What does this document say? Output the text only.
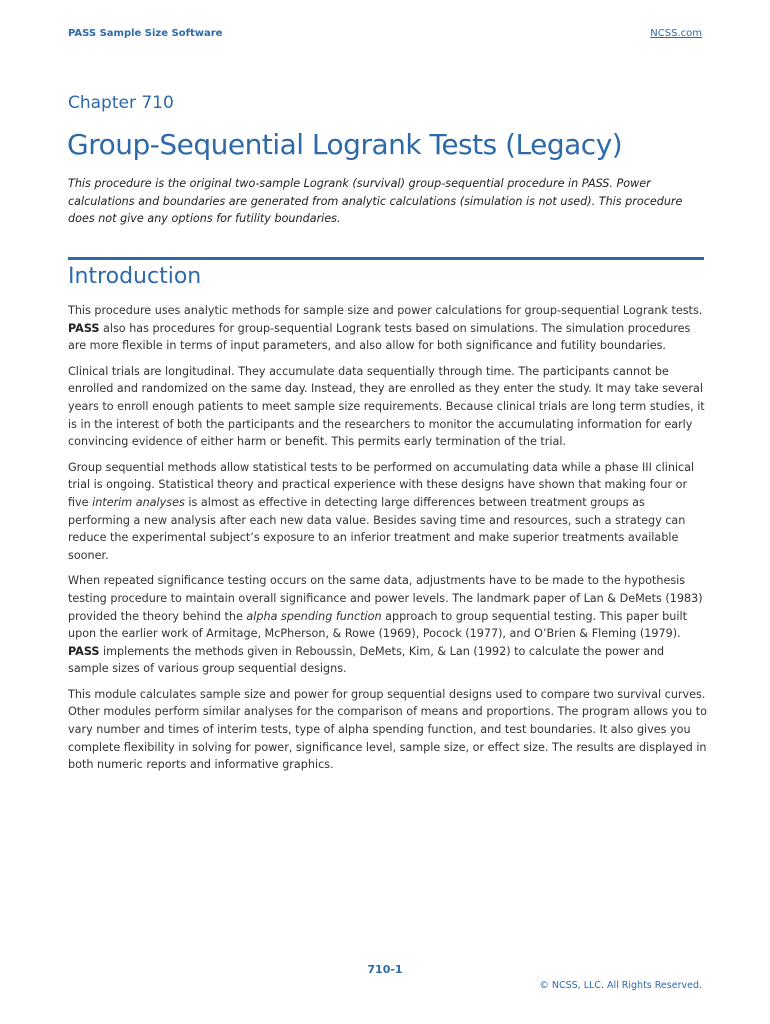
PASS Sample Size Software	NCSS.com
Chapter 710
Group-Sequential Logrank Tests (Legacy)

This procedure is the original two-sample Logrank (survival) group-sequential procedure in PASS. Power calculations and boundaries are generated from analytic calculations (simulation is not used). This procedure does not give any options for futility boundaries.

Introduction

This procedure uses analytic methods for sample size and power calculations for group-sequential Logrank tests. PASS also has procedures for group-sequential Logrank tests based on simulations. The simulation procedures are more flexible in terms of input parameters, and also allow for both significance and futility boundaries.

Clinical trials are longitudinal. They accumulate data sequentially through time. The participants cannot be enrolled and randomized on the same day. Instead, they are enrolled as they enter the study. It may take several years to enroll enough patients to meet sample size requirements. Because clinical trials are long term studies, it is in the interest of both the participants and the researchers to monitor the accumulating information for early convincing evidence of either harm or benefit. This permits early termination of the trial.

Group sequential methods allow statistical tests to be performed on accumulating data while a phase III clinical trial is ongoing. Statistical theory and practical experience with these designs have shown that making four or five interim analyses is almost as effective in detecting large differences between treatment groups as performing a new analysis after each new data value. Besides saving time and resources, such a strategy can reduce the experimental subject’s exposure to an inferior treatment and make superior treatments available sooner.

When repeated significance testing occurs on the same data, adjustments have to be made to the hypothesis testing procedure to maintain overall significance and power levels. The landmark paper of Lan & DeMets (1983) provided the theory behind the alpha spending function approach to group sequential testing. This paper built upon the earlier work of Armitage, McPherson, & Rowe (1969), Pocock (1977), and O’Brien & Fleming (1979). PASS implements the methods given in Reboussin, DeMets, Kim, & Lan (1992) to calculate the power and sample sizes of various group sequential designs.

This module calculates sample size and power for group sequential designs used to compare two survival curves. Other modules perform similar analyses for the comparison of means and proportions. The program allows you to vary number and times of interim tests, type of alpha spending function, and test boundaries. It also gives you complete flexibility in solving for power, significance level, sample size, or effect size. The results are displayed in both numeric reports and informative graphics.

710-1
© NCSS, LLC. All Rights Reserved.
